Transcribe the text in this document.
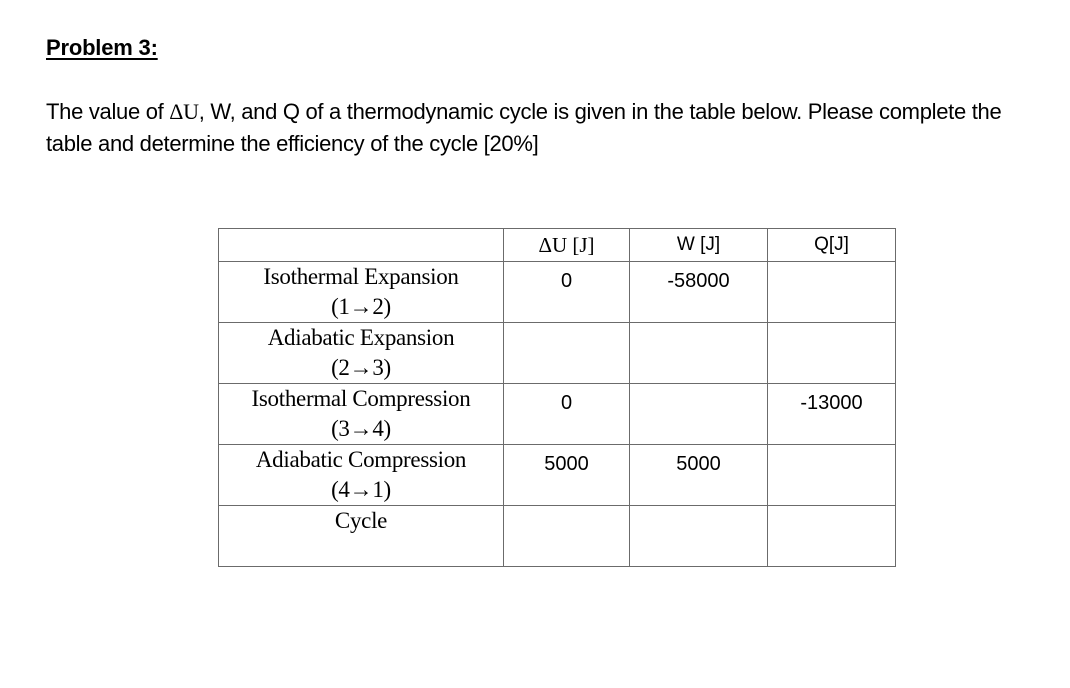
Problem 3:
The value of ΔU, W, and Q of a thermodynamic cycle is given in the table below. Please complete the table and determine the efficiency of the cycle [20%]
	ΔU [J]	W [J]	Q[J]

Isothermal Expansion
(1→2)	0	-58000	

Adiabatic Expansion
(2→3)			

Isothermal Compression
(3→4)	0		-13000

Adiabatic Compression
(4→1)	5000	5000	

Cycle			
